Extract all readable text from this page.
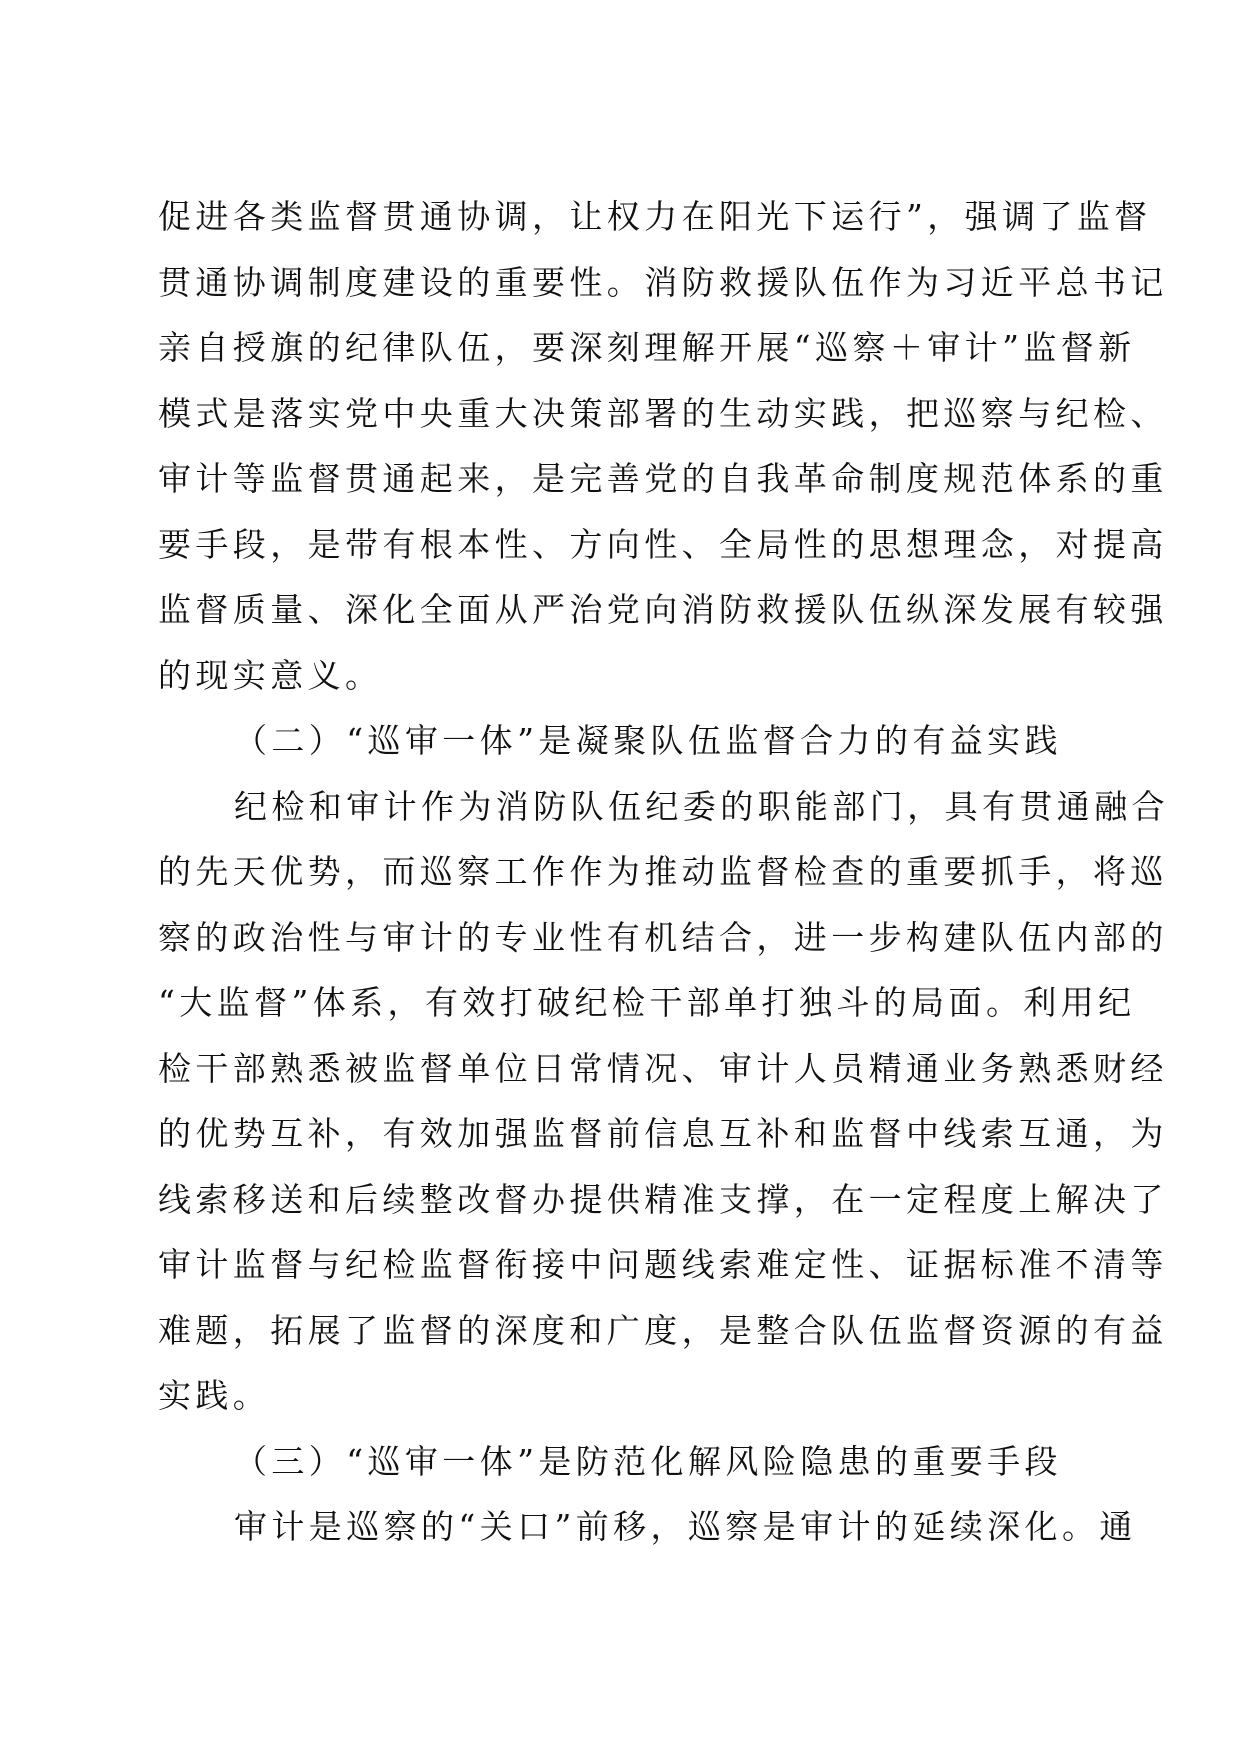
促进各类监督贯通协调，让权力在阳光下运行”，强调了监督
贯通协调制度建设的重要性。消防救援队伍作为习近平总书记
亲自授旗的纪律队伍，要深刻理解开展“巡察＋审计”监督新
模式是落实党中央重大决策部署的生动实践，把巡察与纪检、
审计等监督贯通起来，是完善党的自我革命制度规范体系的重
要手段，是带有根本性、方向性、全局性的思想理念，对提高
监督质量、深化全面从严治党向消防救援队伍纵深发展有较强
的现实意义。
（二）“巡审一体”是凝聚队伍监督合力的有益实践
纪检和审计作为消防队伍纪委的职能部门，具有贯通融合
的先天优势，而巡察工作作为推动监督检查的重要抓手，将巡
察的政治性与审计的专业性有机结合，进一步构建队伍内部的
“大监督”体系，有效打破纪检干部单打独斗的局面。利用纪
检干部熟悉被监督单位日常情况、审计人员精通业务熟悉财经
的优势互补，有效加强监督前信息互补和监督中线索互通，为
线索移送和后续整改督办提供精准支撑，在一定程度上解决了
审计监督与纪检监督衔接中问题线索难定性、证据标准不清等
难题，拓展了监督的深度和广度，是整合队伍监督资源的有益
实践。
（三）“巡审一体”是防范化解风险隐患的重要手段
审计是巡察的“关口”前移，巡察是审计的延续深化。通
